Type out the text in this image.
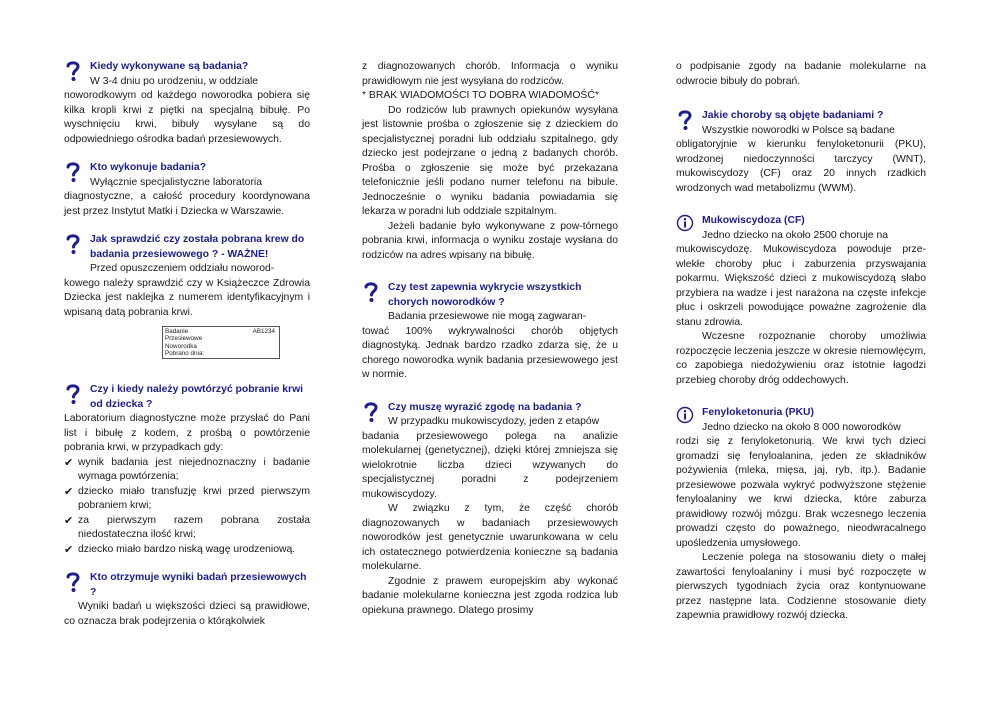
Kiedy wykonywane są badania?
W 3-4 dniu po urodzeniu, w oddziale
noworodkowym od każdego noworodka pobiera się kilka kropli krwi z piętki na specjalną bibułę. Po wyschnięciu krwi, bibuły wysyłane są do odpowiedniego ośrodka badań przesiewowych.
Kto wykonuje badania?
Wyłącznie specjalistyczne laboratoria
diagnostyczne, a całość procedury koordynowana jest przez Instytut Matki i Dziecka w Warszawie.
Jak sprawdzić czy została pobrana krew do badania przesiewowego ? - WAŻNE!
Przed opuszczeniem oddziału noworod-
kowego należy sprawdzić czy w Książeczce Zdrowia Dziecka jest naklejka z numerem identyfikacyjnym i wpisaną datą pobrania krwi.
AB1234
Badanie
Przesiewowe
Noworodka
Pobrano dnia:
Czy i kiedy należy powtórzyć pobranie krwi od dziecka ?
Laboratorium diagnostyczne może przysłać do Pani list i bibułę z kodem, z prośbą o powtórzenie pobrania krwi, w przypadkach gdy:
✔ wynik badania jest niejednoznaczny i badanie wymaga powtórzenia;
✔ dziecko miało transfuzję krwi przed pierwszym pobraniem krwi;
✔ za pierwszym razem pobrana została niedostateczna ilość krwi;
✔ dziecko miało bardzo niską wagę urodzeniową.
Kto otrzymuje wyniki badań przesiewowych ?
Wyniki badań u większości dzieci są prawidłowe, co oznacza brak podejrzenia o którąkolwiek
z diagnozowanych chorób. Informacja o wyniku prawidłowym nie jest wysyłana do rodziców.
* BRAK WIADOMOŚCI TO DOBRA WIADOMOŚĆ*
Do rodziców lub prawnych opiekunów wysyłana jest listownie prośba o zgłoszenie się z dzieckiem do specjalistycznej poradni lub oddziału szpitalnego, gdy dziecko jest podejrzane o jedną z badanych chorób. Prośba o zgłoszenie się może być przekazana telefonicznie jeśli podano numer telefonu na bibule. Jednocześnie o wyniku badania powiadamia się lekarza w poradni lub oddziale szpitalnym.
Jeżeli badanie było wykonywane z pow-tórnego pobrania krwi, informacja o wyniku zostaje wysłana do rodziców na adres wpisany na bibułę.
Czy test zapewnia wykrycie wszystkich chorych noworodków ?
Badania przesiewowe nie mogą zagwaran-
tować 100% wykrywalności chorób objętych diagnostyką. Jednak bardzo rzadko zdarza się, że u chorego noworodka wynik badania przesiewowego jest w normie.
Czy muszę wyrazić zgodę na badania ?
W przypadku mukowiscydozy, jeden z etapów
badania przesiewowego polega na analizie molekularnej (genetycznej), dzięki której zmniejsza się wielokrotnie liczba dzieci wzywanych do specjalistycznej poradni z podejrzeniem mukowiscydozy.
W związku z tym, że część chorób diagnozowanych w badaniach przesiewowych noworodków jest genetycznie uwarunkowana w celu ich ostatecznego potwierdzenia konieczne są badania molekularne.
Zgodnie z prawem europejskim aby wykonać badanie molekularne konieczna jest zgoda rodzica lub opiekuna prawnego. Dlatego prosimy
o podpisanie zgody na badanie molekularne na odwrocie bibuły do pobrań.
Jakie choroby są objęte badaniami ?
Wszystkie noworodki w Polsce są badane
obligatoryjnie w kierunku fenyloketonurii (PKU), wrodzonej niedoczynności tarczycy (WNT), mukowiscydozy (CF) oraz 20 innych rzadkich wrodzonych wad metabolizmu (WWM).
Mukowiscydoza (CF)
Jedno dziecko na około 2500 choruje na
mukowiscydozę. Mukowiscydoza powoduje prze-wlekłe choroby płuc i zaburzenia przyswajania pokarmu. Większość dzieci z mukowiscydozą słabo przybiera na wadze i jest narażona na częste infekcje płuc i oskrzeli powodujące poważne zagrożenie dla stanu zdrowia.
Wczesne rozpoznanie choroby umożliwia rozpoczęcie leczenia jeszcze w okresie niemowlęcym, co zapobiega niedożywieniu oraz istotnie łagodzi przebieg choroby dróg oddechowych.
Fenyloketonuria (PKU)
Jedno dziecko na około 8 000 noworodków
rodzi się z fenyloketonurią. We krwi tych dzieci gromadzi się fenyloalanina, jeden ze składników pożywienia (mleka, mięsa, jaj, ryb, itp.). Badanie przesiewowe pozwala wykryć podwyższone stężenie fenyloalaniny we krwi dziecka, które zaburza prawidłowy rozwój mózgu. Brak wczesnego leczenia prowadzi często do poważnego, nieodwracalnego upośledzenia umysłowego.
Leczenie polega na stosowaniu diety o małej zawartości fenyloalaniny i musi być rozpoczęte w pierwszych tygodniach życia oraz kontynuowane przez następne lata. Codzienne stosowanie diety zapewnia prawidłowy rozwój dziecka.
